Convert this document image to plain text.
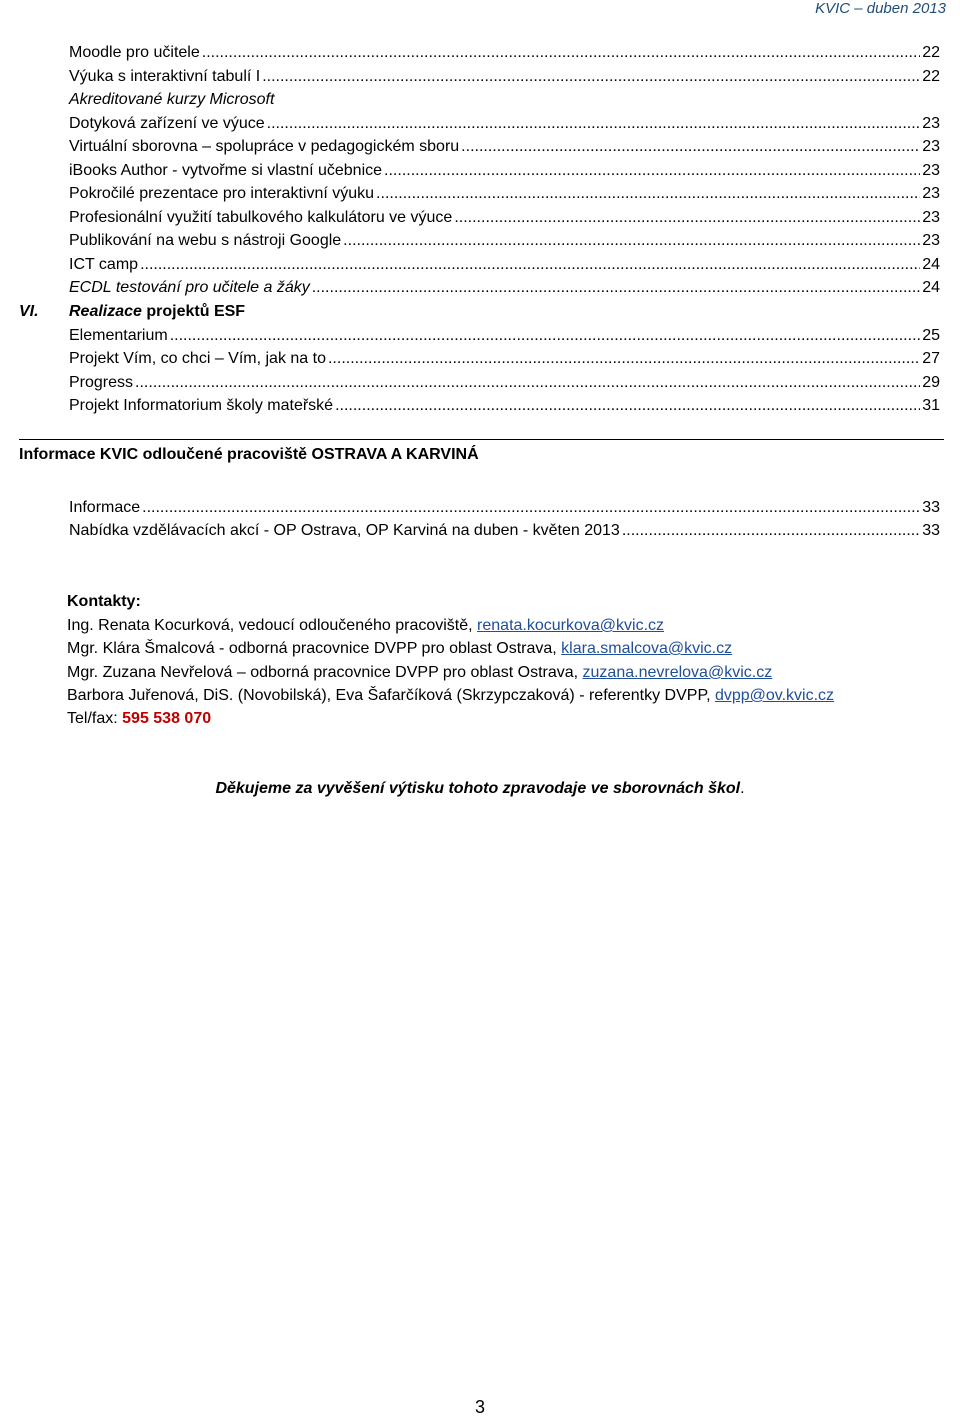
KVIC – duben 2013
Moodle pro učitele .....	22
Výuka s interaktivní tabulí I .....	22
Akreditované kurzy Microsoft
Dotyková zařízení ve výuce .....	23
Virtuální sborovna – spolupráce v pedagogickém sboru .....	23
iBooks Author - vytvořme si vlastní učebnice .....	23
Pokročilé prezentace pro interaktivní výuku .....	23
Profesionální využití tabulkového kalkulátoru ve výuce .....	23
Publikování na webu s nástroji Google .....	23
ICT camp .....	24
ECDL testování pro učitele a žáky .....	24
VI. Realizace projektů ESF
Elementarium .....	25
Projekt Vím, co chci – Vím, jak na to .....	27
Progress .....	29
Projekt Informatorium školy mateřské .....	31
Informace KVIC odloučené pracoviště OSTRAVA A KARVINÁ
Informace .....	33
Nabídka vzdělávacích akcí - OP Ostrava, OP Karviná na duben - květen 2013 .....	33
Kontakty:
Ing. Renata Kocurková, vedoucí odloučeného pracoviště, renata.kocurkova@kvic.cz
Mgr. Klára Šmalcová - odborná pracovnice DVPP pro oblast Ostrava, klara.smalcova@kvic.cz
Mgr. Zuzana Nevřelová – odborná pracovnice DVPP pro oblast Ostrava, zuzana.nevrelova@kvic.cz
Barbora Juřenová, DiS. (Novobilská), Eva Šafarčíková (Skrzypczaková) - referentky DVPP, dvpp@ov.kvic.cz
Tel/fax: 595 538 070
Děkujeme za vyvěšení výtisku tohoto zpravodaje ve sborovnách škol.
3
